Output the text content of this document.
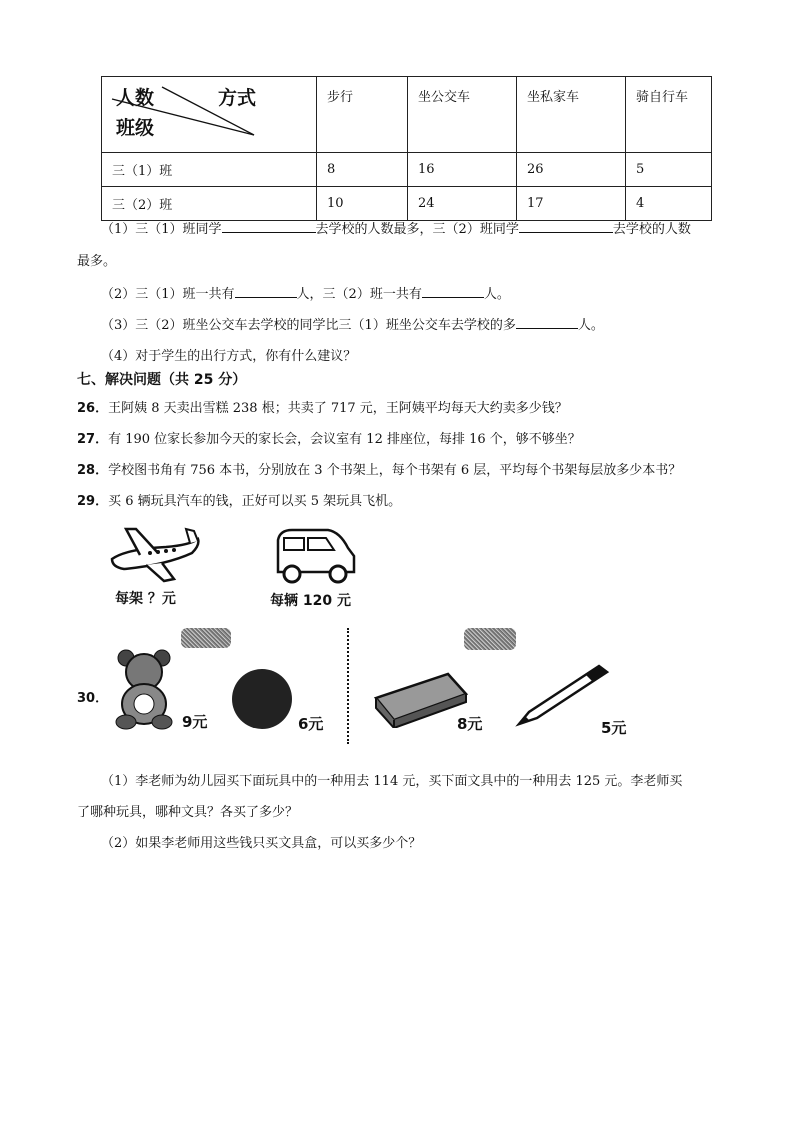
人数 方式
班级	步行	坐公交车	坐私家车	骑自行车
三（1）班	8	16	26	5
三（2）班	10	24	17	4
（1）三（1）班同学	去学校的人数最多，三（2）班同学	去学校的人数
最多。
（2）三（1）班一共有	人，三（2）班一共有	人。
（3）三（2）班坐公交车去学校的同学比三（1）班坐公交车去学校的多	人。
（4）对于学生的出行方式，你有什么建议？
七、解决问题（共 25 分）
26．王阿姨 8 天卖出雪糕 238 根；共卖了 717 元，王阿姨平均每天大约卖多少钱？
27．有 190 位家长参加今天的家长会，会议室有 12 排座位，每排 16 个，够不够坐？
28．学校图书角有 756 本书，分别放在 3 个书架上，每个书架有 6 层，平均每个书架每层放多少本书？
29．买 6 辆玩具汽车的钱，正好可以买 5 架玩具飞机。
每架 ？元	每辆 120 元
30．
9元	6元	8元	5元
（1）李老师为幼儿园买下面玩具中的一种用去 114 元，买下面文具中的一种用去 125 元。李老师买
了哪种玩具，哪种文具？各买了多少？
（2）如果李老师用这些钱只买文具盒，可以买多少个？
